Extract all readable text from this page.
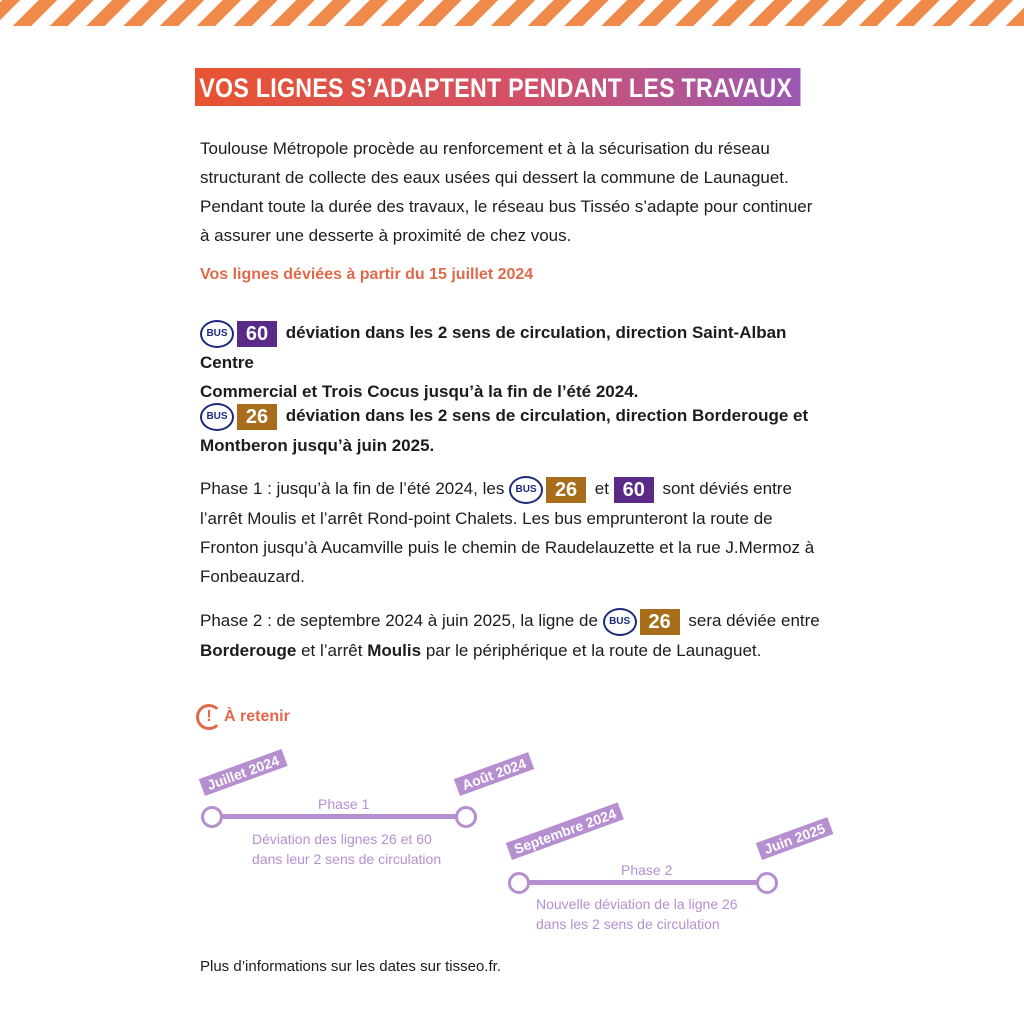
VOS LIGNES S’ADAPTENT PENDANT LES TRAVAUX
Toulouse Métropole procède au renforcement et à la sécurisation du réseau
structurant de collecte des eaux usées qui dessert la commune de Launaguet.
Pendant toute la durée des travaux, le réseau bus Tisséo s’adapte pour continuer
à assurer une desserte à proximité de chez vous.
Vos lignes déviées à partir du 15 juillet 2024
BUS 60 déviation dans les 2 sens de circulation, direction Saint-Alban Centre
Commercial et Trois Cocus jusqu’à la fin de l’été 2024.
BUS 26 déviation dans les 2 sens de circulation, direction Borderouge et
Montberon jusqu’à juin 2025.
Phase 1 : jusqu’à la fin de l’été 2024, les BUS 26 et 60 sont déviés entre
l’arrêt Moulis et l’arrêt Rond-point Chalets. Les bus emprunteront la route de
Fronton jusqu’à Aucamville puis le chemin de Raudelauzette et la rue J.Mermoz à
Fonbeauzard.
Phase 2 : de septembre 2024 à juin 2025, la ligne de BUS 26 sera déviée entre
Borderouge et l’arrêt Moulis par le périphérique et la route de Launaguet.
! À retenir
Juillet 2024	Août 2024
Phase 1
Déviation des lignes 26 et 60
dans leur 2 sens de circulation
Septembre 2024	Juin 2025
Phase 2
Nouvelle déviation de la ligne 26
dans les 2 sens de circulation
Plus d’informations sur les dates sur tisseo.fr.
